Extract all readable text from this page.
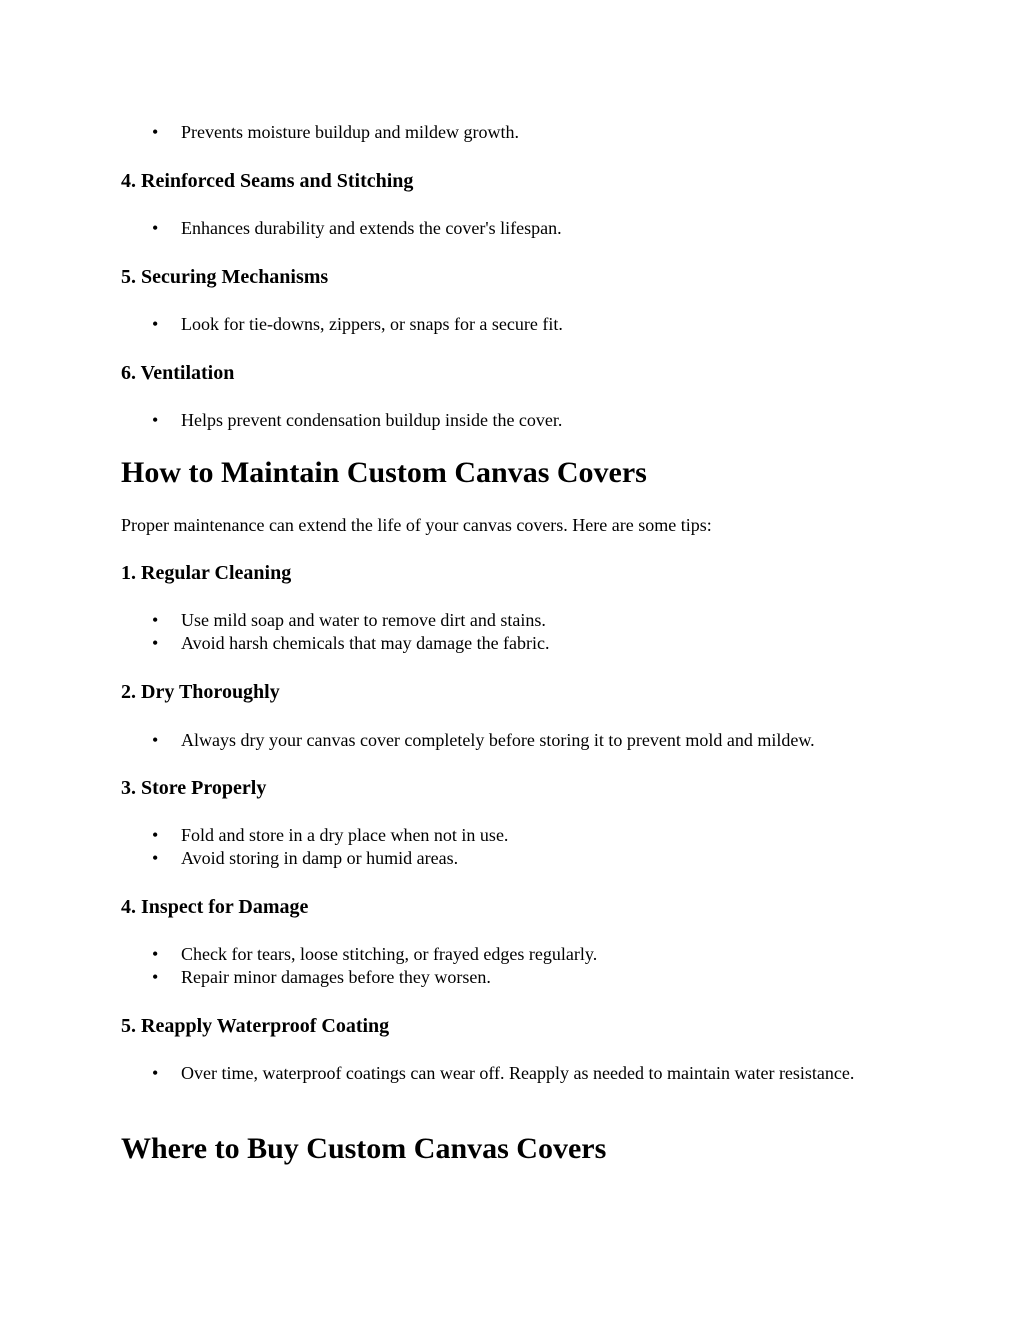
• Prevents moisture buildup and mildew growth.
4. Reinforced Seams and Stitching
• Enhances durability and extends the cover's lifespan.
5. Securing Mechanisms
• Look for tie-downs, zippers, or snaps for a secure fit.
6. Ventilation
• Helps prevent condensation buildup inside the cover.
How to Maintain Custom Canvas Covers
Proper maintenance can extend the life of your canvas covers. Here are some tips:
1. Regular Cleaning
• Use mild soap and water to remove dirt and stains.
• Avoid harsh chemicals that may damage the fabric.
2. Dry Thoroughly
• Always dry your canvas cover completely before storing it to prevent mold and mildew.
3. Store Properly
• Fold and store in a dry place when not in use.
• Avoid storing in damp or humid areas.
4. Inspect for Damage
• Check for tears, loose stitching, or frayed edges regularly.
• Repair minor damages before they worsen.
5. Reapply Waterproof Coating
• Over time, waterproof coatings can wear off. Reapply as needed to maintain water resistance.
Where to Buy Custom Canvas Covers
